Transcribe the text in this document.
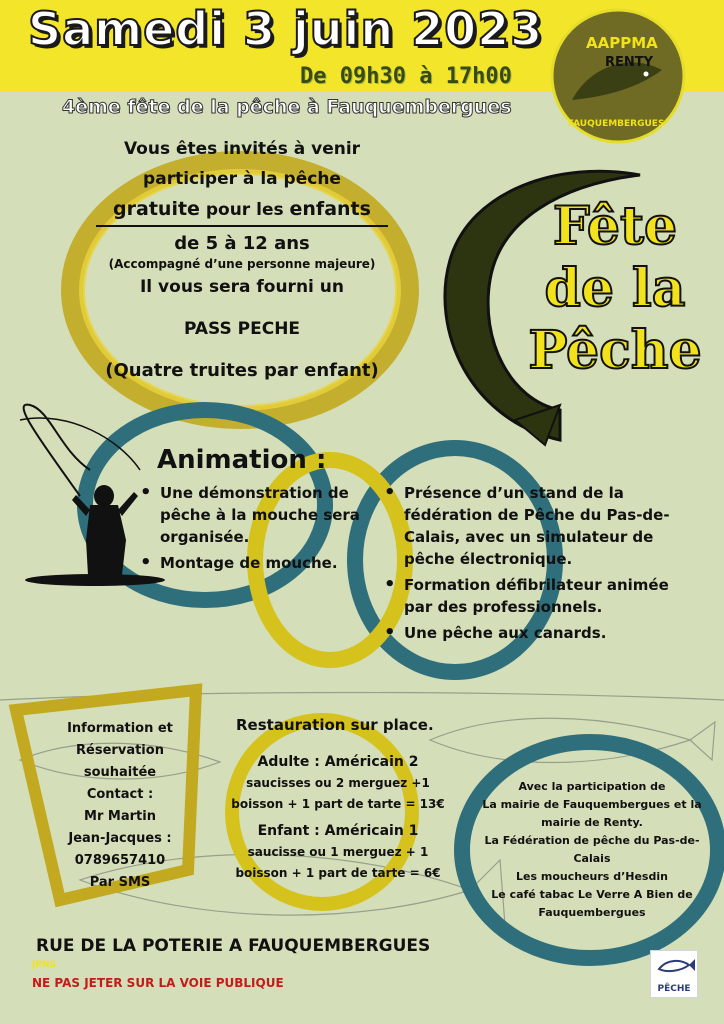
Samedi 3 juin 2023
De 09h30 à 17h00
4ème fête de la pêche à Fauquembergues
AAPPMA
RENTY
FAUQUEMBERGUES
Vous êtes invités à venir
participer à la pêche
gratuite pour les enfants
de 5 à 12 ans
(Accompagné d’une personne majeure)
Il vous sera fourni un
PASS PECHE
(Quatre truites par enfant)
Fête
de la
Pêche
Animation :
• Une démonstration de pêche à la mouche sera organisée.
• Montage de mouche.
• Présence d’un stand de la fédération de Pêche du Pas-de-Calais, avec un simulateur de pêche électronique.
• Formation défibrilateur animée par des professionnels.
• Une pêche aux canards.
Information et
Réservation souhaitée
Contact :
Mr Martin
Jean-Jacques :
0789657410
Par SMS
Restauration sur place.
Adulte : Américain 2
saucisses ou 2 merguez +1
boisson + 1 part de tarte = 13€
Enfant : Américain 1
saucisse ou 1 merguez + 1
boisson + 1 part de tarte = 6€
Avec la participation de
La mairie de Fauquembergues et la
mairie de Renty.
La Fédération de pêche du Pas-de-
Calais
Les moucheurs d’Hesdin
Le café tabac Le Verre A Bien de
Fauquembergues
RUE DE LA POTERIE A FAUQUEMBERGUES
JPNS
NE PAS JETER SUR LA VOIE PUBLIQUE	PÊCHE
